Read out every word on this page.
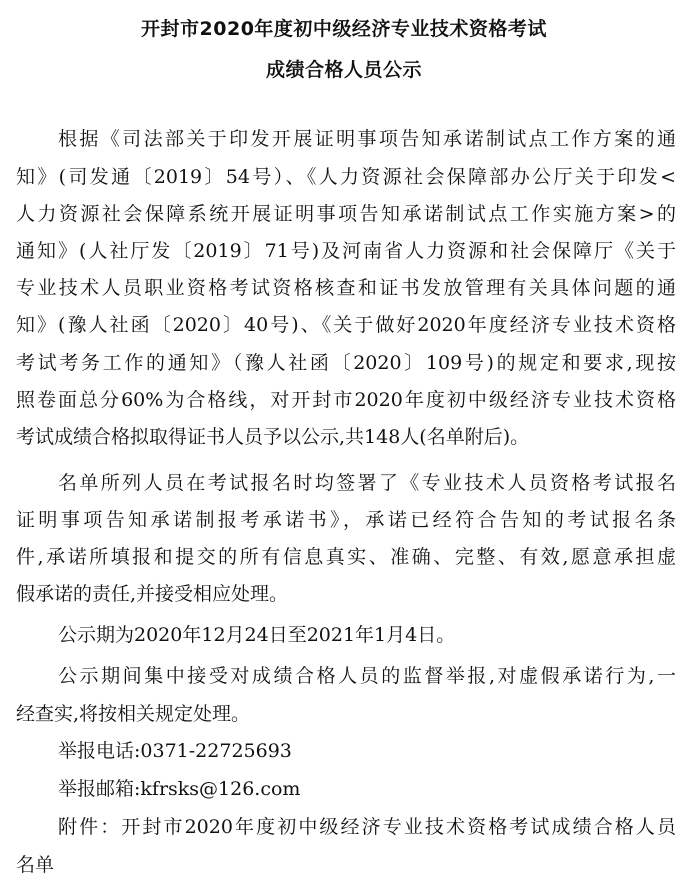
开封市2020年度初中级经济专业技术资格考试
成绩合格人员公示
根据《司法部关于印发开展证明事项告知承诺制试点工作方案的通
知》(司发通〔2019〕54号）、《人力资源社会保障部办公厅关于印发<
人力资源社会保障系统开展证明事项告知承诺制试点工作实施方案>的
通知》(人社厅发〔2019〕71号)及河南省人力资源和社会保障厅《关于
专业技术人员职业资格考试资格核查和证书发放管理有关具体问题的通
知》(豫人社函〔2020〕40号)、《关于做好2020年度经济专业技术资格
考试考务工作的通知》（豫人社函〔2020〕109号)的规定和要求,现按
照卷面总分60%为合格线，对开封市2020年度初中级经济专业技术资格
考试成绩合格拟取得证书人员予以公示,共148人(名单附后)。
名单所列人员在考试报名时均签署了《专业技术人员资格考试报名
证明事项告知承诺制报考承诺书》，承诺已经符合告知的考试报名条
件,承诺所填报和提交的所有信息真实、准确、完整、有效,愿意承担虚
假承诺的责任,并接受相应处理。
公示期为2020年12月24日至2021年1月4日。
公示期间集中接受对成绩合格人员的监督举报,对虚假承诺行为,一
经查实,将按相关规定处理。
举报电话:0371-22725693
举报邮箱:kfrsks@126.com
附件：开封市2020年度初中级经济专业技术资格考试成绩合格人员
名单
